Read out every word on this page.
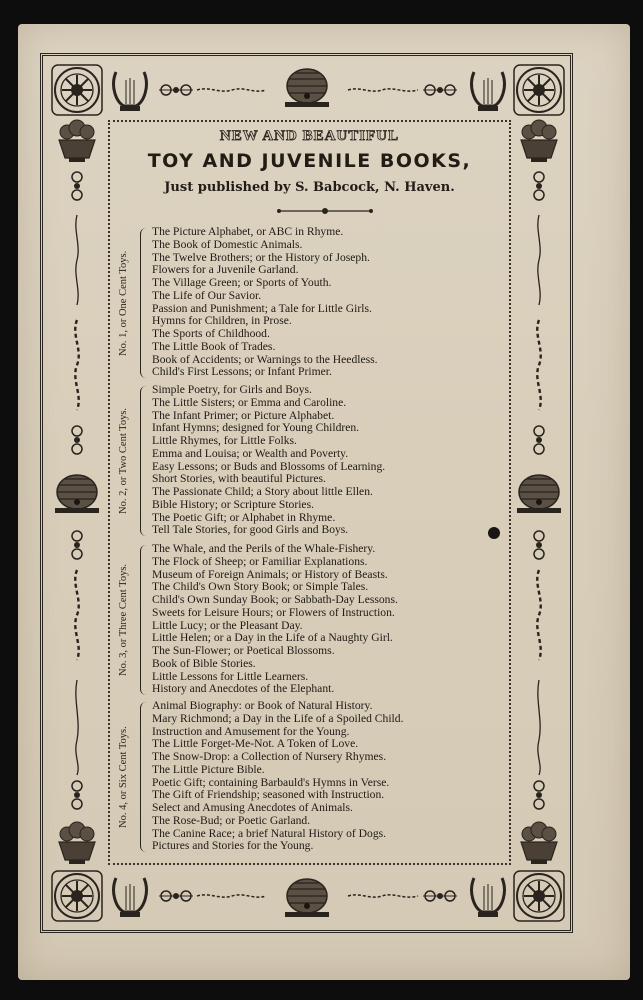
NEW AND BEAUTIFUL
TOY AND JUVENILE BOOKS,
Just published by S. Babcock, N. Haven.
No. 1, or One Cent Toys.
The Picture Alphabet, or ABC in Rhyme.
The Book of Domestic Animals.
The Twelve Brothers; or the History of Joseph.
Flowers for a Juvenile Garland.
The Village Green; or Sports of Youth.
The Life of Our Savior.
Passion and Punishment; a Tale for Little Girls.
Hymns for Children, in Prose.
The Sports of Childhood.
The Little Book of Trades.
Book of Accidents; or Warnings to the Heedless.
Child's First Lessons; or Infant Primer.
No. 2, or Two Cent Toys.
Simple Poetry, for Girls and Boys.
The Little Sisters; or Emma and Caroline.
The Infant Primer; or Picture Alphabet.
Infant Hymns; designed for Young Children.
Little Rhymes, for Little Folks.
Emma and Louisa; or Wealth and Poverty.
Easy Lessons; or Buds and Blossoms of Learning.
Short Stories, with beautiful Pictures.
The Passionate Child; a Story about little Ellen.
Bible History; or Scripture Stories.
The Poetic Gift; or Alphabet in Rhyme.
Tell Tale Stories, for good Girls and Boys.
No. 3, or Three Cent Toys.
The Whale, and the Perils of the Whale-Fishery.
The Flock of Sheep; or Familiar Explanations.
Museum of Foreign Animals; or History of Beasts.
The Child's Own Story Book; or Simple Tales.
Child's Own Sunday Book; or Sabbath-Day Lessons.
Sweets for Leisure Hours; or Flowers of Instruction.
Little Lucy; or the Pleasant Day.
Little Helen; or a Day in the Life of a Naughty Girl.
The Sun-Flower; or Poetical Blossoms.
Book of Bible Stories.
Little Lessons for Little Learners.
History and Anecdotes of the Elephant.
No. 4, or Six Cent Toys.
Animal Biography: or Book of Natural History.
Mary Richmond; a Day in the Life of a Spoiled Child.
Instruction and Amusement for the Young.
The Little Forget-Me-Not. A Token of Love.
The Snow-Drop: a Collection of Nursery Rhymes.
The Little Picture Bible.
Poetic Gift; containing Barbauld's Hymns in Verse.
The Gift of Friendship; seasoned with Instruction.
Select and Amusing Anecdotes of Animals.
The Rose-Bud; or Poetic Garland.
The Canine Race; a brief Natural History of Dogs.
Pictures and Stories for the Young.
